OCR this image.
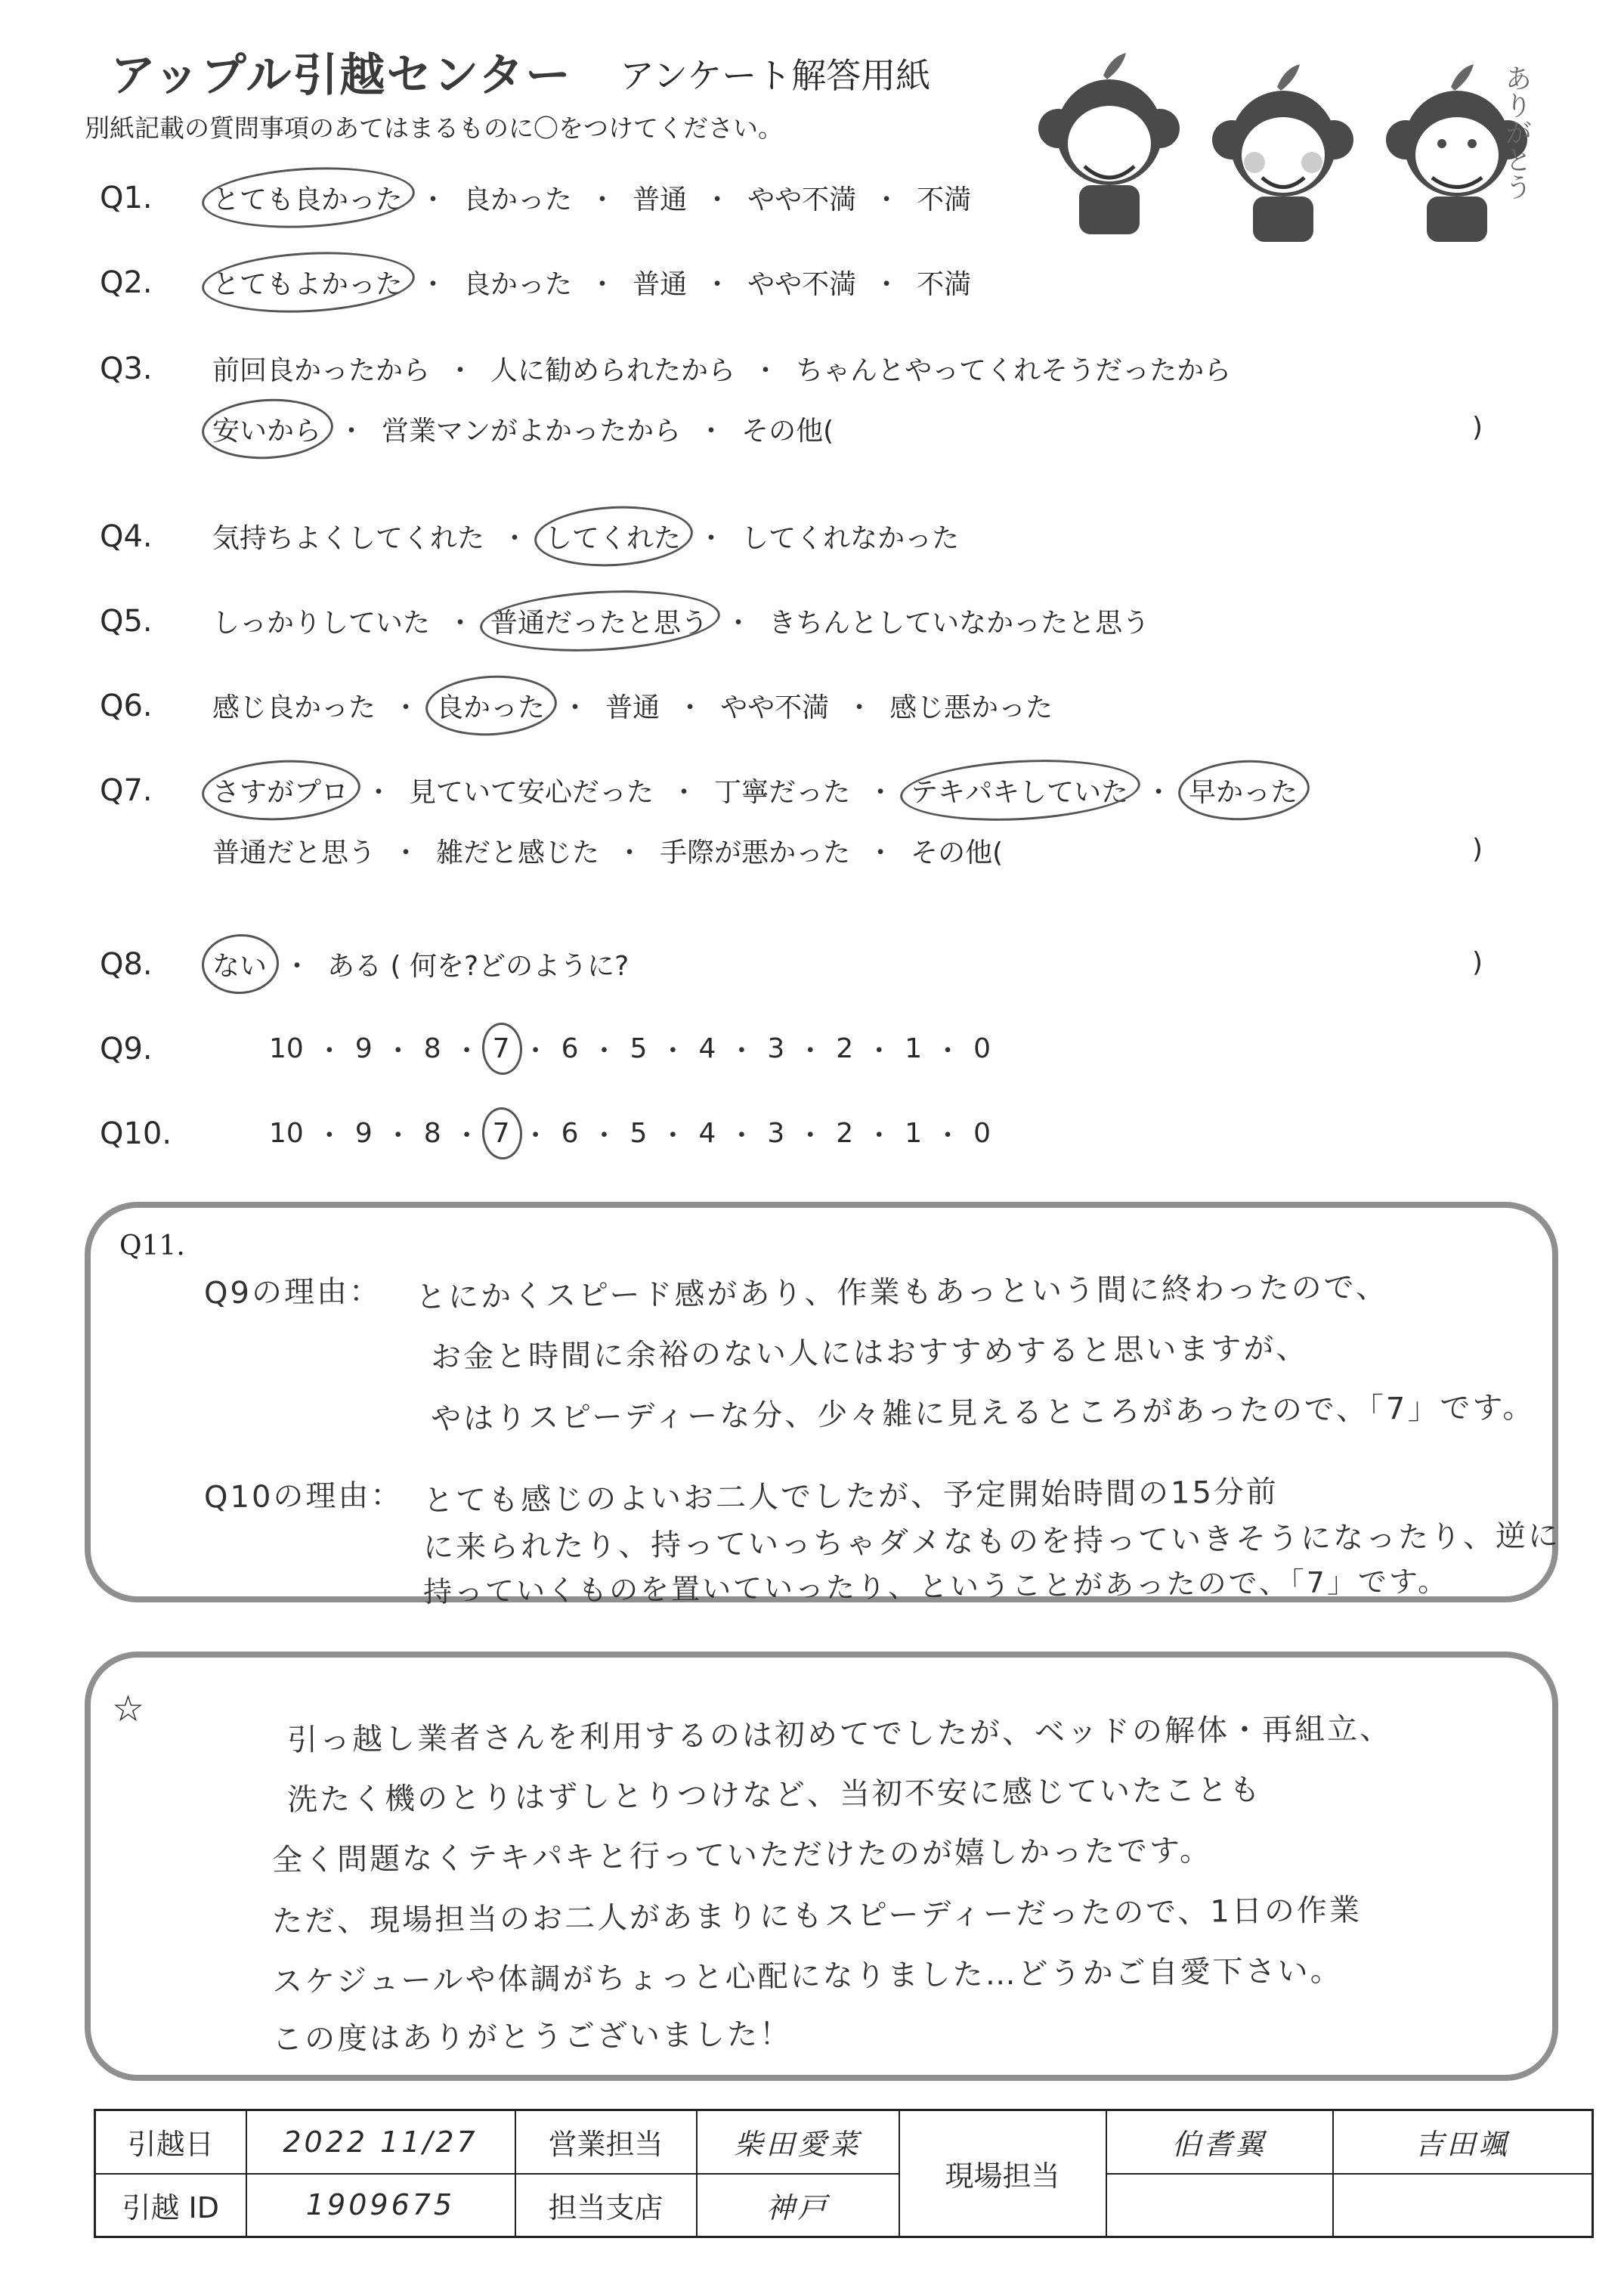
アップル引越センター アンケート解答用紙
別紙記載の質問事項のあてはまるものに〇をつけてください。	ありがとう
Q1.	とても良かった ・ 良かった ・ 普通 ・ やや不満 ・ 不満
Q2.	とてもよかった ・ 良かった ・ 普通 ・ やや不満 ・ 不満
Q3.	前回良かったから ・ 人に勧められたから ・ ちゃんとやってくれそうだったから
安いから ・ 営業マンがよかったから ・ その他(	)
Q4.	気持ちよくしてくれた ・ してくれた ・ してくれなかった
Q5.	しっかりしていた ・ 普通だったと思う ・ きちんとしていなかったと思う
Q6.	感じ良かった ・ 良かった ・ 普通 ・ やや不満 ・ 感じ悪かった
Q7.	さすがプロ ・ 見ていて安心だった ・ 丁寧だった ・ テキパキしていた ・ 早かった
普通だと思う ・ 雑だと感じた ・ 手際が悪かった ・ その他(	)
Q8.	ない ・ ある ( 何を?どのように?	)
Q9.	10 ・ 9 ・ 8 ・ 7 ・ 6 ・ 5 ・ 4 ・ 3 ・ 2 ・ 1 ・ 0
Q10.	10 ・ 9 ・ 8 ・ 7 ・ 6 ・ 5 ・ 4 ・ 3 ・ 2 ・ 1 ・ 0
Q11.
Q9の理由： とにかくスピード感があり、作業もあっという間に終わったので、
お金と時間に余裕のない人にはおすすめすると思いますが、
やはりスピーディーな分、少々雑に見えるところがあったので、「7」です。
Q10の理由： とても感じのよいお二人でしたが、予定開始時間の15分前
に来られたり、持っていっちゃダメなものを持っていきそうになったり、逆に
持っていくものを置いていったり、ということがあったので、「7」です。
☆
引っ越し業者さんを利用するのは初めてでしたが、ベッドの解体・再組立、
洗たく機のとりはずしとりつけなど、当初不安に感じていたことも
全く問題なくテキパキと行っていただけたのが嬉しかったです。
ただ、現場担当のお二人があまりにもスピーディーだったので、1日の作業
スケジュールや体調がちょっと心配になりました…どうかご自愛下さい。
この度はありがとうございました！
引越日	2022 11/27	営業担当	柴田愛菜	現場担当	伯耆翼	吉田颯
引越 ID	1909675	担当支店	神戸			
